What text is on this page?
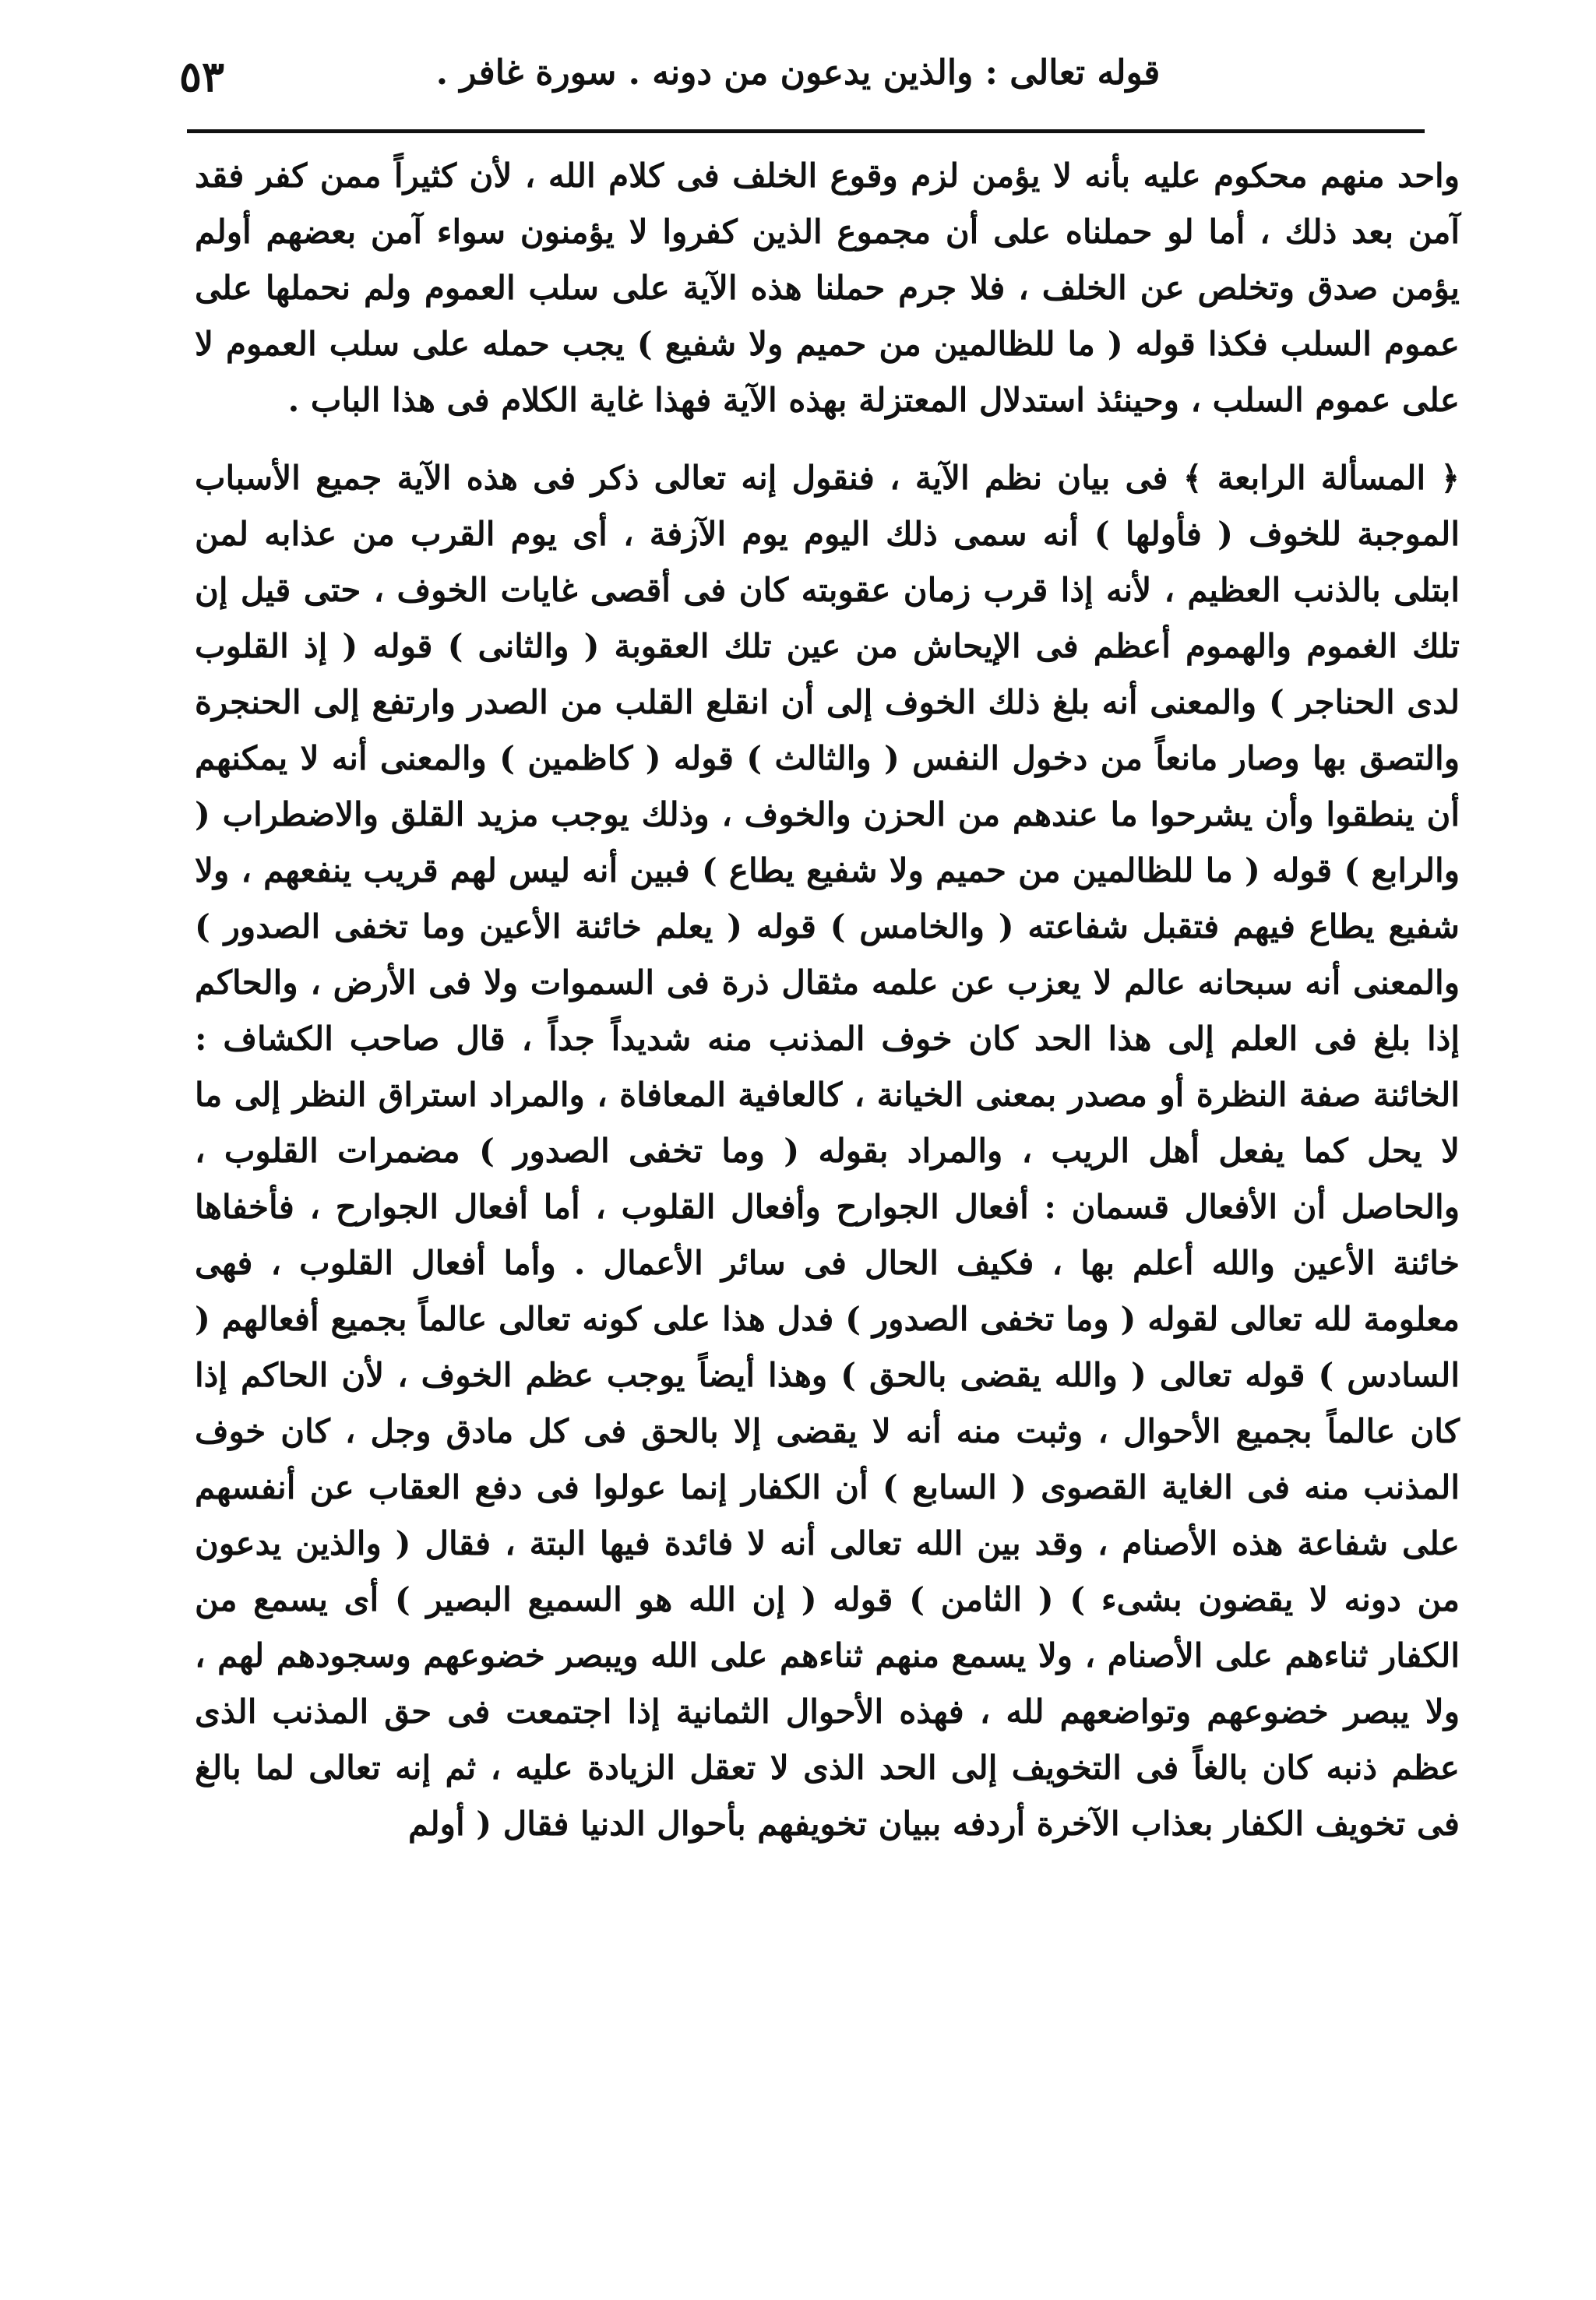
٥٣	قوله تعالى : والذين يدعون من دونه . سورة غافر .

واحد منهم محكوم عليه بأنه لا يؤمن لزم وقوع الخلف فى كلام الله ، لأن كثيراً ممن كفر فقد آمن بعد ذلك ، أما لو حملناه على أن مجموع الذين كفروا لا يؤمنون سواء آمن بعضهم أولم يؤمن صدق وتخلص عن الخلف ، فلا جرم حملنا هذه الآية على سلب العموم ولم نحملها على عموم السلب فكذا قوله ( ما للظالمين من حميم ولا شفيع ) يجب حمله على سلب العموم لا على عموم السلب ، وحينئذ استدلال المعتزلة بهذه الآية فهذا غاية الكلام فى هذا الباب .

﴿ المسألة الرابعة ﴾ فى بيان نظم الآية ، فنقول إنه تعالى ذكر فى هذه الآية جميع الأسباب الموجبة للخوف ( فأولها ) أنه سمى ذلك اليوم يوم الآزفة ، أى يوم القرب من عذابه لمن ابتلى بالذنب العظيم ، لأنه إذا قرب زمان عقوبته كان فى أقصى غايات الخوف ، حتى قيل إن تلك الغموم والهموم أعظم فى الإيحاش من عين تلك العقوبة ( والثانى ) قوله ( إذ القلوب لدى الحناجر ) والمعنى أنه بلغ ذلك الخوف إلى أن انقلع القلب من الصدر وارتفع إلى الحنجرة والتصق بها وصار مانعاً من دخول النفس ( والثالث ) قوله ( كاظمين ) والمعنى أنه لا يمكنهم أن ينطقوا وأن يشرحوا ما عندهم من الحزن والخوف ، وذلك يوجب مزيد القلق والاضطراب ( والرابع ) قوله ( ما للظالمين من حميم ولا شفيع يطاع ) فبين أنه ليس لهم قريب ينفعهم ، ولا شفيع يطاع فيهم فتقبل شفاعته ( والخامس ) قوله ( يعلم خائنة الأعين وما تخفى الصدور ) والمعنى أنه سبحانه عالم لا يعزب عن علمه مثقال ذرة فى السموات ولا فى الأرض ، والحاكم إذا بلغ فى العلم إلى هذا الحد كان خوف المذنب منه شديداً جداً ، قال صاحب الكشاف : الخائنة صفة النظرة أو مصدر بمعنى الخيانة ، كالعافية المعافاة ، والمراد استراق النظر إلى ما لا يحل كما يفعل أهل الريب ، والمراد بقوله ( وما تخفى الصدور ) مضمرات القلوب ، والحاصل أن الأفعال قسمان : أفعال الجوارح وأفعال القلوب ، أما أفعال الجوارح ، فأخفاها خائنة الأعين والله أعلم بها ، فكيف الحال فى سائر الأعمال . وأما أفعال القلوب ، فهى معلومة لله تعالى لقوله ( وما تخفى الصدور ) فدل هذا على كونه تعالى عالماً بجميع أفعالهم ( السادس ) قوله تعالى ( والله يقضى بالحق ) وهذا أيضاً يوجب عظم الخوف ، لأن الحاكم إذا كان عالماً بجميع الأحوال ، وثبت منه أنه لا يقضى إلا بالحق فى كل مادق وجل ، كان خوف المذنب منه فى الغاية القصوى ( السابع ) أن الكفار إنما عولوا فى دفع العقاب عن أنفسهم على شفاعة هذه الأصنام ، وقد بين الله تعالى أنه لا فائدة فيها البتة ، فقال ( والذين يدعون من دونه لا يقضون بشىء ) ( الثامن ) قوله ( إن الله هو السميع البصير ) أى يسمع من الكفار ثناءهم على الأصنام ، ولا يسمع منهم ثناءهم على الله ويبصر خضوعهم وسجودهم لهم ، ولا يبصر خضوعهم وتواضعهم لله ، فهذه الأحوال الثمانية إذا اجتمعت فى حق المذنب الذى عظم ذنبه كان بالغاً فى التخويف إلى الحد الذى لا تعقل الزيادة عليه ، ثم إنه تعالى لما بالغ فى تخويف الكفار بعذاب الآخرة أردفه ببيان تخويفهم بأحوال الدنيا فقال ( أولم
